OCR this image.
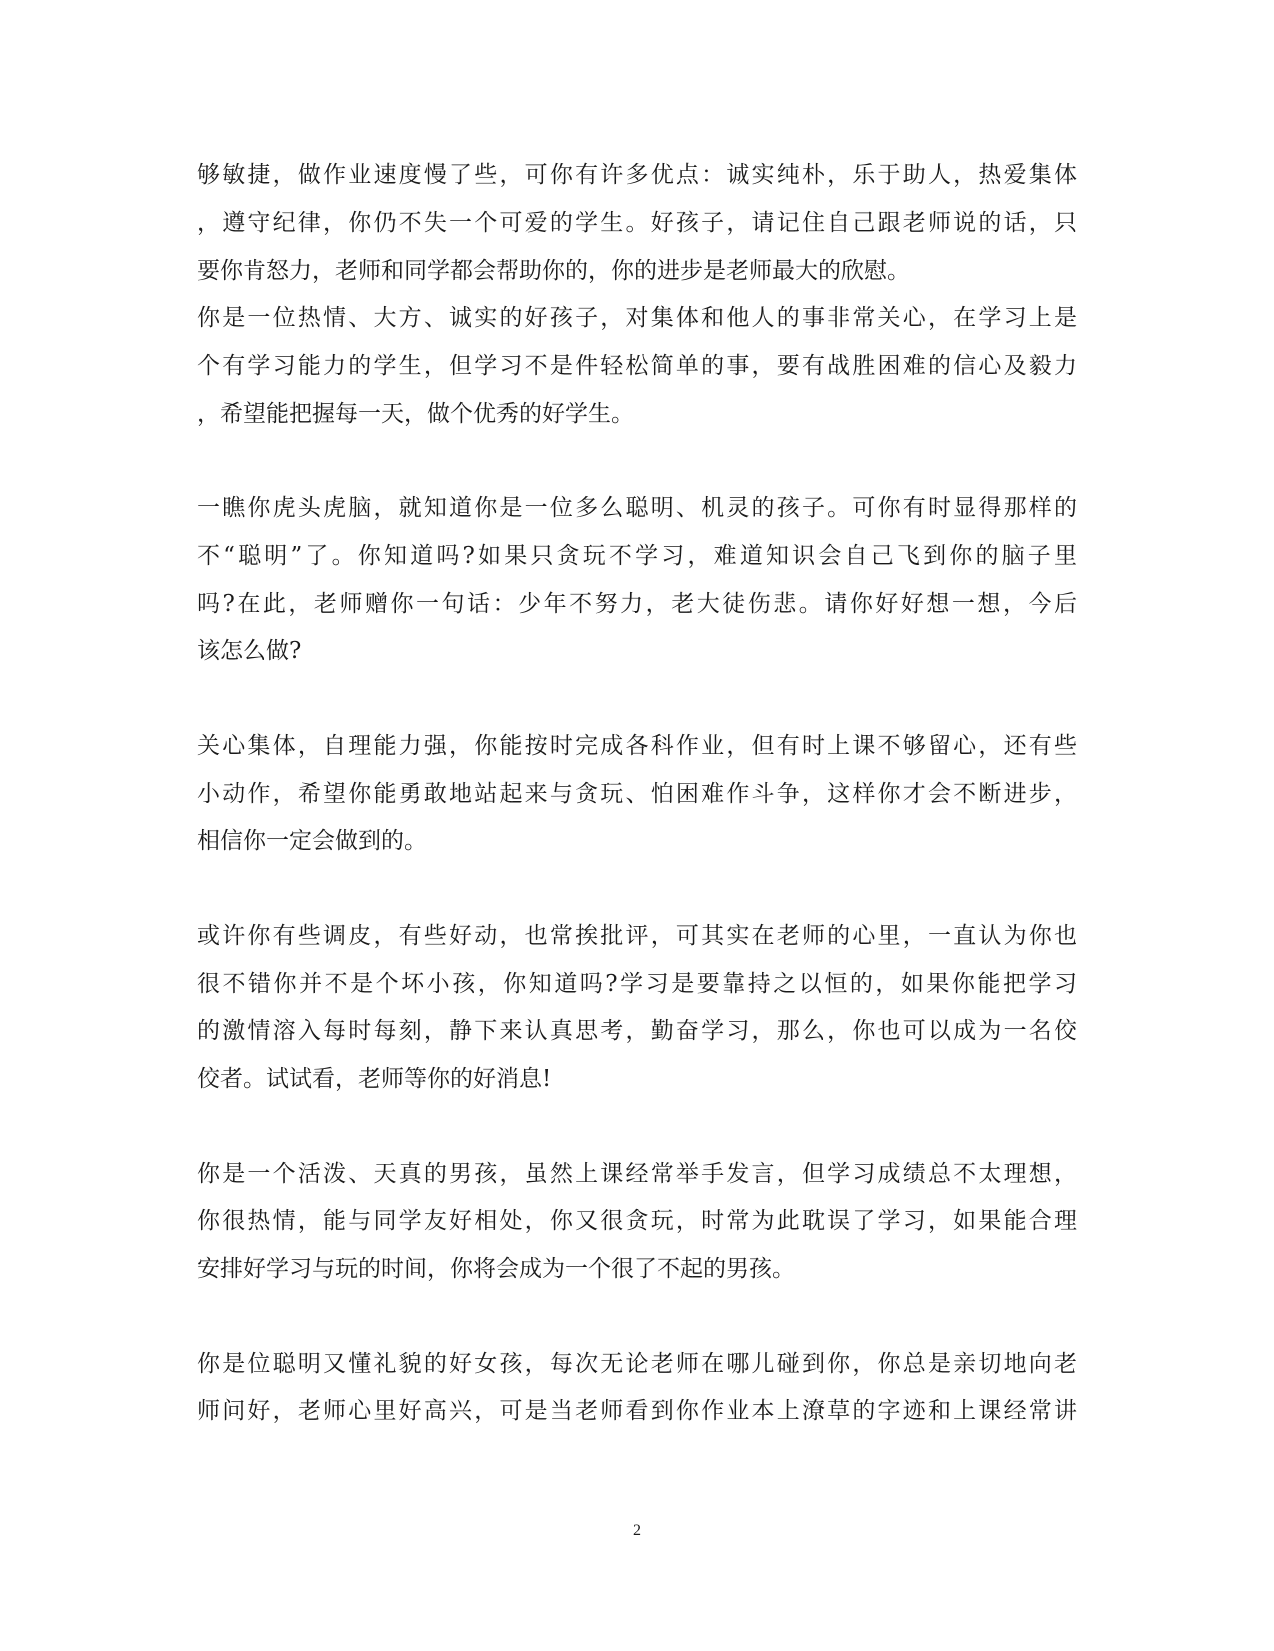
够敏捷，做作业速度慢了些，可你有许多优点：诚实纯朴，乐于助人，热爱集体
，遵守纪律，你仍不失一个可爱的学生。好孩子，请记住自己跟老师说的话，只
要你肯怒力，老师和同学都会帮助你的，你的进步是老师最大的欣慰。
你是一位热情、大方、诚实的好孩子，对集体和他人的事非常关心，在学习上是
个有学习能力的学生，但学习不是件轻松简单的事，要有战胜困难的信心及毅力
，希望能把握每一天，做个优秀的好学生。
一瞧你虎头虎脑，就知道你是一位多么聪明、机灵的孩子。可你有时显得那样的
不“聪明”了。你知道吗?如果只贪玩不学习，难道知识会自己飞到你的脑子里
吗?在此，老师赠你一句话：少年不努力，老大徒伤悲。请你好好想一想，今后
该怎么做?
关心集体，自理能力强，你能按时完成各科作业，但有时上课不够留心，还有些
小动作，希望你能勇敢地站起来与贪玩、怕困难作斗争，这样你才会不断进步，
相信你一定会做到的。
或许你有些调皮，有些好动，也常挨批评，可其实在老师的心里，一直认为你也
很不错你并不是个坏小孩，你知道吗?学习是要靠持之以恒的，如果你能把学习
的激情溶入每时每刻，静下来认真思考，勤奋学习，那么，你也可以成为一名佼
佼者。试试看，老师等你的好消息!
你是一个活泼、天真的男孩，虽然上课经常举手发言，但学习成绩总不太理想，
你很热情，能与同学友好相处，你又很贪玩，时常为此耽误了学习，如果能合理
安排好学习与玩的时间，你将会成为一个很了不起的男孩。
你是位聪明又懂礼貌的好女孩，每次无论老师在哪儿碰到你，你总是亲切地向老
师问好，老师心里好高兴，可是当老师看到你作业本上潦草的字迹和上课经常讲
2
